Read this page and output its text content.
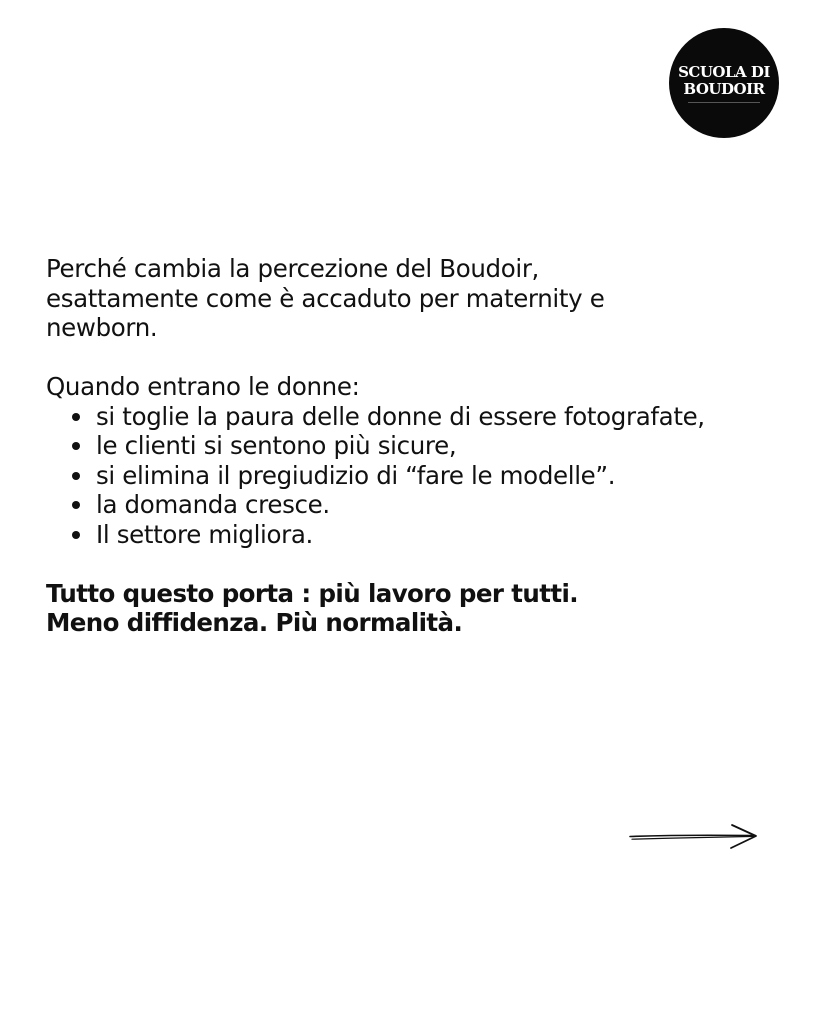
SCUOLA DI
BOUDOIR

Perché cambia la percezione del Boudoir,
esattamente come è accaduto per maternity e
newborn.

Quando entrano le donne:

si toglie la paura delle donne di essere fotografate,
le clienti si sentono più sicure,
si elimina il pregiudizio di “fare le modelle”.
la domanda cresce.
Il settore migliora.

Tutto questo porta : più lavoro per tutti.
Meno diffidenza. Più normalità.
